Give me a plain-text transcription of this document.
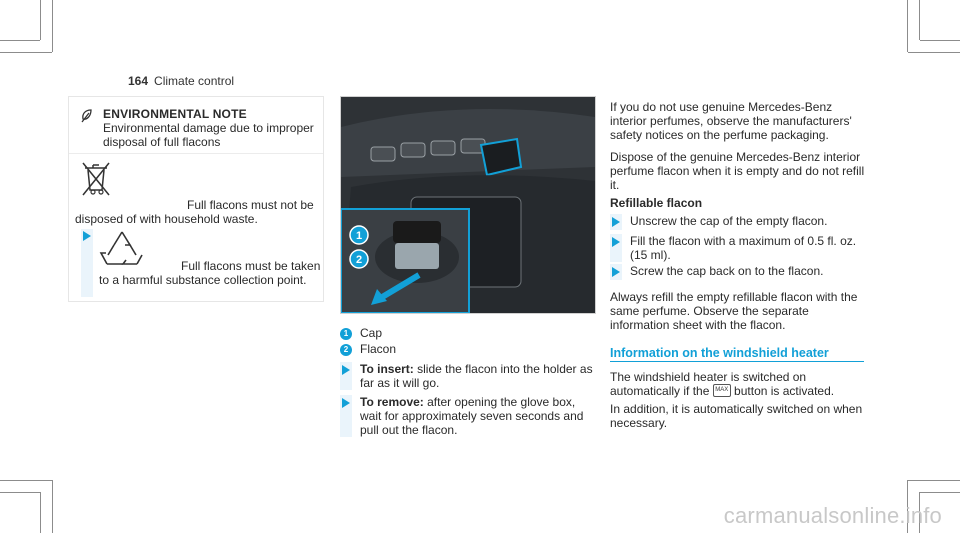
164 Climate control
ENVIRONMENTAL NOTE Environmental damage due to improper disposal of full flacons
Full flacons must not be disposed of with household waste.
Full flacons must be taken to a harmful substance collection point.
1
2
1 Cap
2 Flacon
To insert: slide the flacon into the holder as far as it will go.
To remove: after opening the glove box, wait for approximately seven seconds and pull out the flacon.
If you do not use genuine Mercedes-Benz interior perfumes, observe the manufacturers' safety notices on the perfume packaging.
Dispose of the genuine Mercedes-Benz interior perfume flacon when it is empty and do not refill it.
Refillable flacon
Unscrew the cap of the empty flacon.
Fill the flacon with a maximum of 0.5 fl. oz. (15 ml).
Screw the cap back on to the flacon.
Always refill the empty refillable flacon with the same perfume. Observe the separate information sheet with the flacon.
Information on the windshield heater
The windshield heater is switched on automatically if the MAX button is activated.
In addition, it is automatically switched on when necessary.
carmanualsonline.info
